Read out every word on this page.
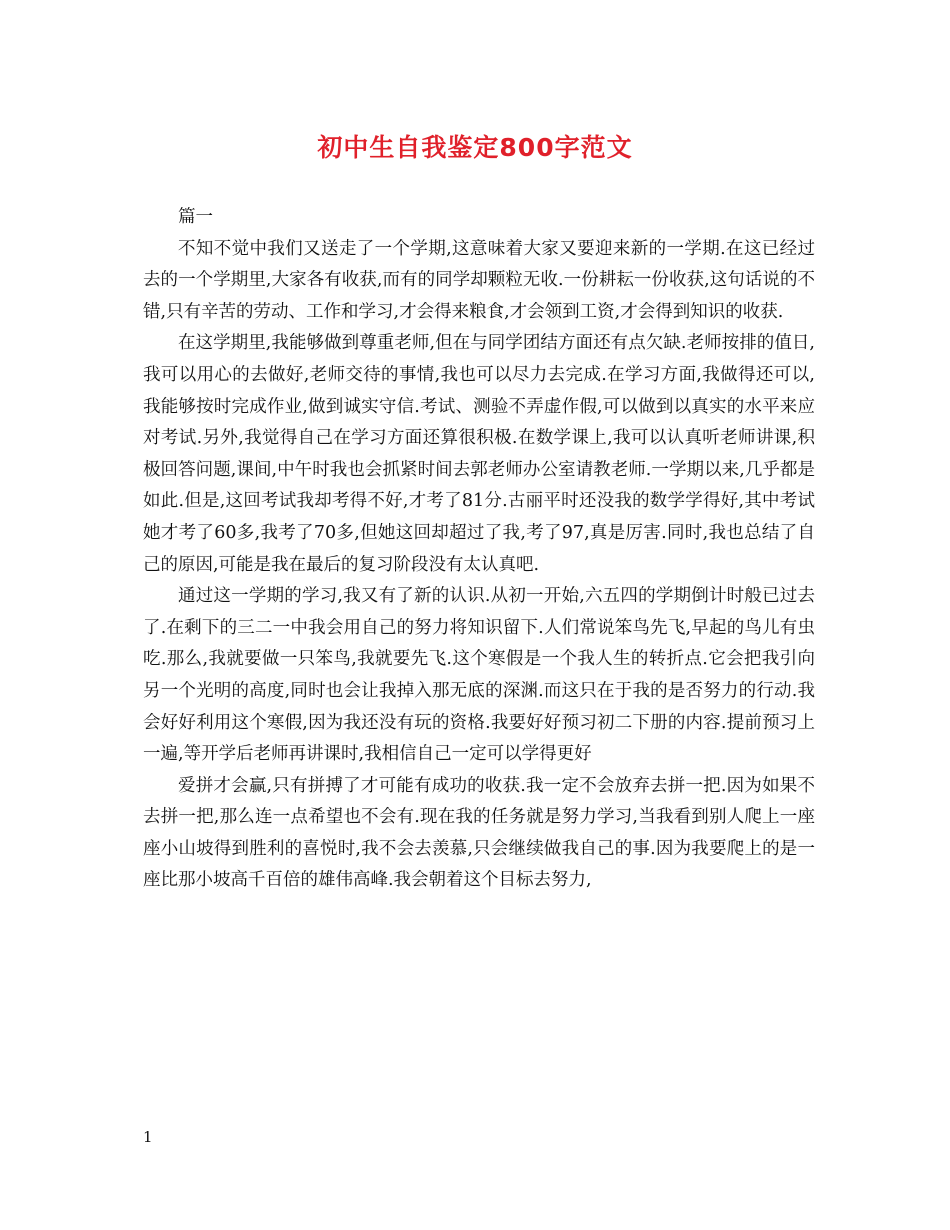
初中生自我鉴定800字范文

篇一

不知不觉中我们又送走了一个学期,这意味着大家又要迎来新的一学期.在这已经过去的一个学期里,大家各有收获,而有的同学却颗粒无收.一份耕耘一份收获,这句话说的不错,只有辛苦的劳动、工作和学习,才会得来粮食,才会领到工资,才会得到知识的收获.

在这学期里,我能够做到尊重老师,但在与同学团结方面还有点欠缺.老师按排的值日,我可以用心的去做好,老师交待的事情,我也可以尽力去完成.在学习方面,我做得还可以,我能够按时完成作业,做到诚实守信.考试、测验不弄虚作假,可以做到以真实的水平来应对考试.另外,我觉得自己在学习方面还算很积极.在数学课上,我可以认真听老师讲课,积极回答问题,课间,中午时我也会抓紧时间去郭老师办公室请教老师.一学期以来,几乎都是如此.但是,这回考试我却考得不好,才考了81分.古丽平时还没我的数学学得好,其中考试她才考了60多,我考了70多,但她这回却超过了我,考了97,真是厉害.同时,我也总结了自己的原因,可能是我在最后的复习阶段没有太认真吧.

通过这一学期的学习,我又有了新的认识.从初一开始,六五四的学期倒计时般已过去了.在剩下的三二一中我会用自己的努力将知识留下.人们常说笨鸟先飞,早起的鸟儿有虫吃.那么,我就要做一只笨鸟,我就要先飞.这个寒假是一个我人生的转折点.它会把我引向另一个光明的高度,同时也会让我掉入那无底的深渊.而这只在于我的是否努力的行动.我会好好利用这个寒假,因为我还没有玩的资格.我要好好预习初二下册的内容.提前预习上一遍,等开学后老师再讲课时,我相信自己一定可以学得更好

爱拼才会赢,只有拼搏了才可能有成功的收获.我一定不会放弃去拼一把.因为如果不去拼一把,那么连一点希望也不会有.现在我的任务就是努力学习,当我看到别人爬上一座座小山坡得到胜利的喜悦时,我不会去羡慕,只会继续做我自己的事.因为我要爬上的是一座比那小坡高千百倍的雄伟高峰.我会朝着这个目标去努力,

1
